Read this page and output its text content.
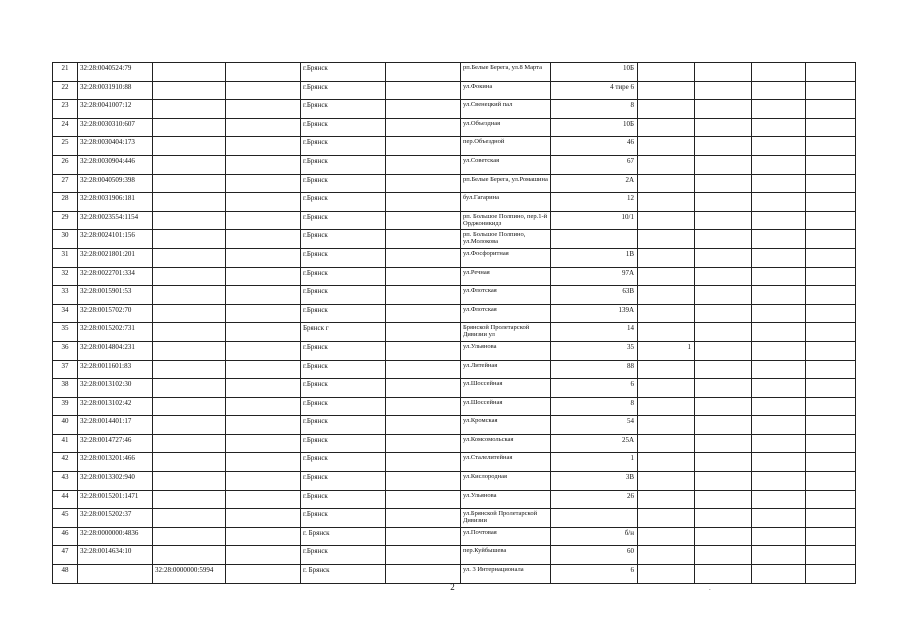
21	32:28:0040524:79			г.Брянск		рп.Белые Берега, ул.8 Марта	10Б				
22	32:28:0031910:88			г.Брянск		ул.Фокина	4 тире 6				
23	32:28:0041007:12			г.Брянск		ул.Свенецкий пал	8				
24	32:28:0030310:607			г.Брянск		ул.Объездная	10Б				
25	32:28:0030404:173			г.Брянск		пер.Объездной	46				
26	32:28:0030904:446			г.Брянск		ул.Советская	67				
27	32:28:0040509:398			г.Брянск		рп.Белые Берега, ул.Ромашина	2А				
28	32:28:0031906:181			г.Брянск		бул.Гагарина	12				
29	32:28:0023554:1154			г.Брянск		рп. Большое Полпино, пер.1-й Орджоникидз	10/1				
30	32:28:0024101:156			г.Брянск		рп. Большое Полпино, ул.Молокова					
31	32:28:0021801:201			г.Брянск		ул.Фосфоритная	1В				
32	32:28:0022701:334			г.Брянск		ул.Речная	97А				
33	32:28:0015901:53			г.Брянск		ул.Флотская	63В				
34	32:28:0015702:70			г.Брянск		ул.Флотская	139А				
35	32:28:0015202:731			Брянск г		Брянской Пролетарской Дивизии ул	14				
36	32:28:0014804:231			г.Брянск		ул.Ульянова	35	1			
37	32:28:0011601:83			г.Брянск		ул.Литейная	88				
38	32:28:0013102:30			г.Брянск		ул.Шоссейная	6				
39	32:28:0013102:42			г.Брянск		ул.Шоссейная	8				
40	32:28:0014401:17			г.Брянск		ул.Кромская	54				
41	32:28:0014727:46			г.Брянск		ул.Комсомольская	25А				
42	32:28:0013201:466			г.Брянск		ул.Сталелитейная	1				
43	32:28:0013302:940			г.Брянск		ул.Кислородная	3В				
44	32:28:0015201:1471			г.Брянск		ул.Ульянова	26				
45	32:28:0015202:37			г.Брянск		ул.Брянской Пролетарской Дивизии					
46	32:28:0000000:4836			г. Брянск		ул.Почтовая	б/н				
47	32:28:0014634:10			г.Брянск		пер.Куйбышева	60				
48		32:28:0000000:5994		г. Брянск		ул. 3 Интернационала	6				
2	.
